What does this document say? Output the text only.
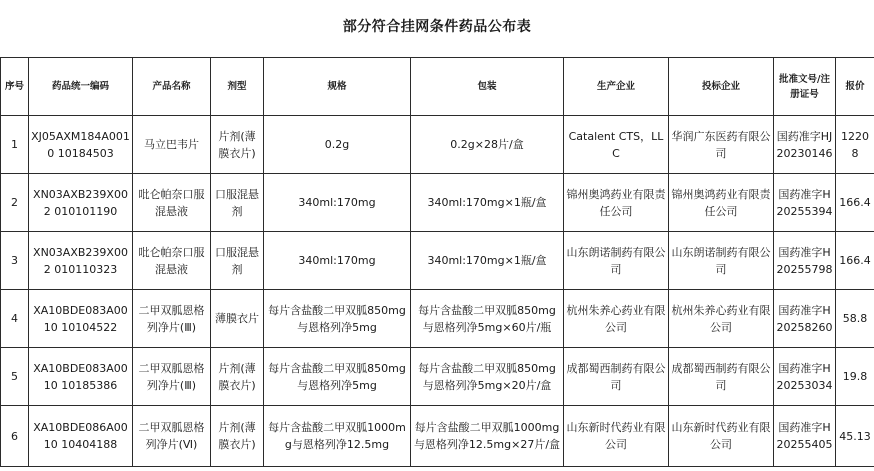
部分符合挂网条件药品公布表
序号	药品统一编码	产品名称	剂型	规格	包装	生产企业	投标企业	批准文号/注册证号	报价
1	XJ05AXM184A0010 10184503	马立巴韦片	片剂(薄膜衣片)	0.2g	0.2g×28片/盒	Catalent CTS，LLC	华润广东医药有限公司	国药准字HJ20230146	12208
2	XN03AXB239X002 010101190	吡仑帕奈口服混悬液	口服混悬剂	340ml:170mg	340ml:170mg×1瓶/盒	锦州奥鸿药业有限责任公司	锦州奥鸿药业有限责任公司	国药准字H20255394	166.4
3	XN03AXB239X002 010110323	吡仑帕奈口服混悬液	口服混悬剂	340ml:170mg	340ml:170mg×1瓶/盒	山东朗诺制药有限公司	山东朗诺制药有限公司	国药准字H20255798	166.4
4	XA10BDE083A0010 10104522	二甲双胍恩格列净片(Ⅲ)	薄膜衣片	每片含盐酸二甲双胍850mg与恩格列净5mg	每片含盐酸二甲双胍850mg与恩格列净5mg×60片/瓶	杭州朱养心药业有限公司	杭州朱养心药业有限公司	国药准字H20258260	58.8
5	XA10BDE083A0010 10185386	二甲双胍恩格列净片(Ⅲ)	片剂(薄膜衣片)	每片含盐酸二甲双胍850mg与恩格列净5mg	每片含盐酸二甲双胍850mg与恩格列净5mg×20片/盒	成都蜀西制药有限公司	成都蜀西制药有限公司	国药准字H20253034	19.8
6	XA10BDE086A0010 10404188	二甲双胍恩格列净片(Ⅵ)	片剂(薄膜衣片)	每片含盐酸二甲双胍1000mg与恩格列净12.5mg	每片含盐酸二甲双胍1000mg与恩格列净12.5mg×27片/盒	山东新时代药业有限公司	山东新时代药业有限公司	国药准字H20255405	45.13
